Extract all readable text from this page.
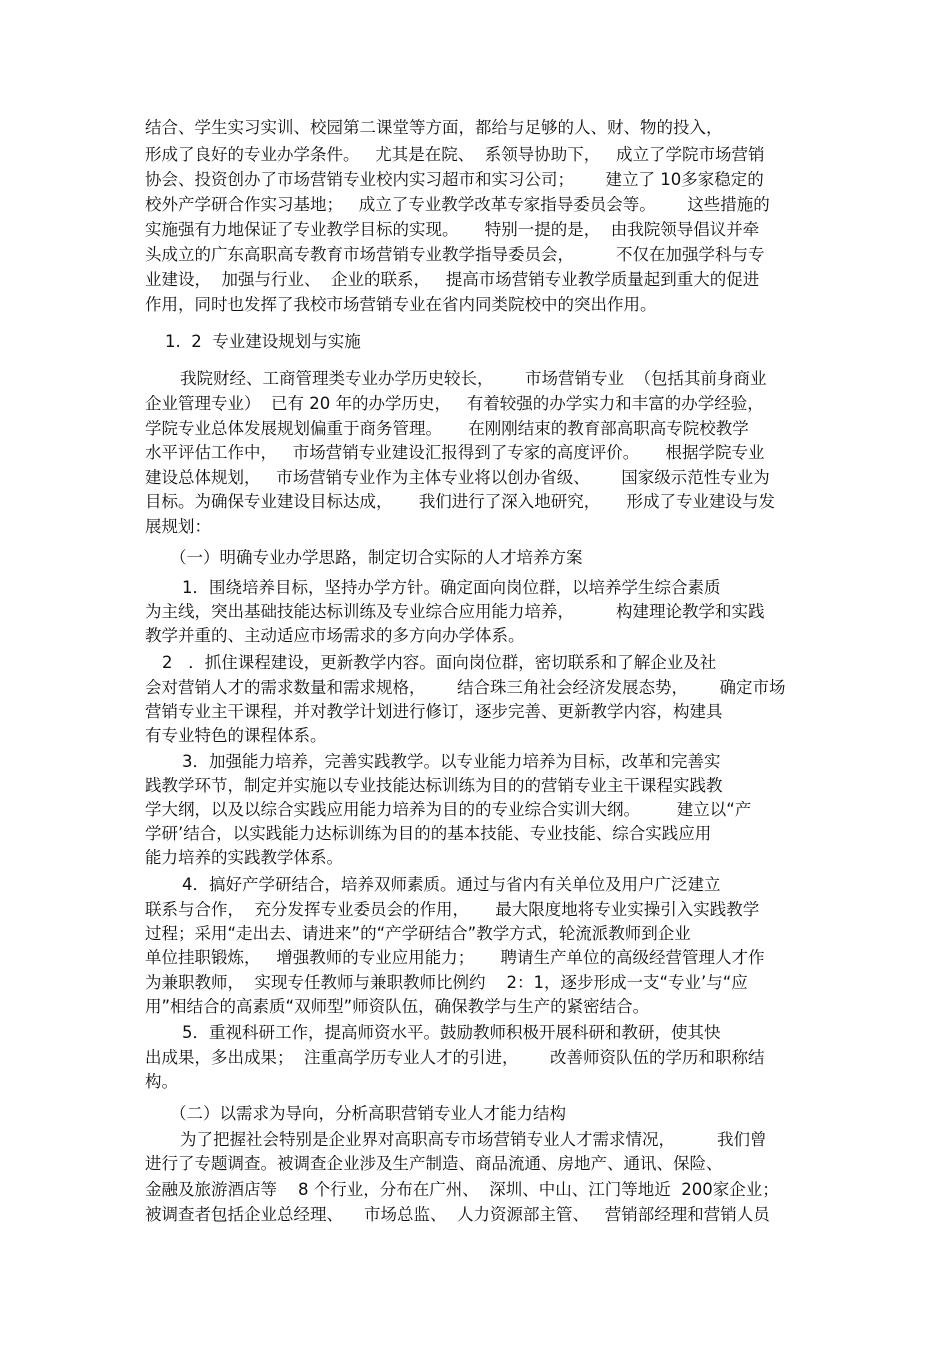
结合、学生实习实训、校园第二课堂等方面，都给与足够的人、财、物的投入，
形成了良好的专业办学条件。   尤其是在院、  系领导协助下，   成立了学院市场营销
协会、投资创办了市场营销专业校内实习超市和实习公司；      建立了 10多家稳定的
校外产学研合作实习基地；   成立了专业教学改革专家指导委员会等。      这些措施的
实施强有力地保证了专业教学目标的实现。     特别一提的是，  由我院领导倡议并牵
头成立的广东高职高专教育市场营销专业教学指导委员会，        不仅在加强学科与专
业建设，  加强与行业、  企业的联系，   提高市场营销专业教学质量起到重大的促进
作用，同时也发挥了我校市场营销专业在省内同类院校中的突出作用。
1.  2  专业建设规划与实施
我院财经、工商管理类专业办学历史较长，      市场营销专业  （包括其前身商业
企业管理专业）  已有 20 年的办学历史，   有着较强的办学实力和丰富的办学经验，
学院专业总体发展规划偏重于商务管理。     在刚刚结束的教育部高职高专院校教学
水平评估工作中，   市场营销专业建设汇报得到了专家的高度评价。     根据学院专业
建设总体规划，   市场营销专业作为主体专业将以创办省级、      国家级示范性专业为
目标。为确保专业建设目标达成，     我们进行了深入地研究，     形成了专业建设与发
展规划：
（一）明确专业办学思路，制定切合实际的人才培养方案
1．围绕培养目标，坚持办学方针。确定面向岗位群，以培养学生综合素质
为主线，突出基础技能达标训练及专业综合应用能力培养，        构建理论教学和实践
教学并重的、主动适应市场需求的多方向办学体系。
2   ．抓住课程建设，更新教学内容。面向岗位群，密切联系和了解企业及社
会对营销人才的需求数量和需求规格，      结合珠三角社会经济发展态势，      确定市场
营销专业主干课程，并对教学计划进行修订，逐步完善、更新教学内容，构建具
有专业特色的课程体系。
3．加强能力培养，完善实践教学。以专业能力培养为目标，改革和完善实
践教学环节，制定并实施以专业技能达标训练为目的的营销专业主干课程实践教
学大纲，以及以综合实践应用能力培养为目的的专业综合实训大纲。       建立以“产
学研’结合，以实践能力达标训练为目的的基本技能、专业技能、综合实践应用
能力培养的实践教学体系。
4．搞好产学研结合，培养双师素质。通过与省内有关单位及用户广泛建立
联系与合作，  充分发挥专业委员会的作用，     最大限度地将专业实操引入实践教学
过程；采用“走出去、请进来”的“产学研结合”教学方式，轮流派教师到企业
单位挂职锻炼，   增强教师的专业应用能力；     聘请生产单位的高级经营管理人才作
为兼职教师，  实现专任教师与兼职教师比例约    2：1，逐步形成一支“专业’与“应
用”相结合的高素质“双师型”师资队伍，确保教学与生产的紧密结合。
5．重视科研工作，提高师资水平。鼓励教师积极开展科研和教研，使其快
出成果，多出成果；  注重高学历专业人才的引进，      改善师资队伍的学历和职称结
构。
（二）以需求为导向，分析高职营销专业人才能力结构
为了把握社会特别是企业界对高职高专市场营销专业人才需求情况，        我们曾
进行了专题调查。被调查企业涉及生产制造、商品流通、房地产、通讯、保险、
金融及旅游酒店等    8 个行业，分布在广州、  深圳、中山、江门等地近  200家企业；
被调查者包括企业总经理、    市场总监、  人力资源部主管、   营销部经理和营销人员
